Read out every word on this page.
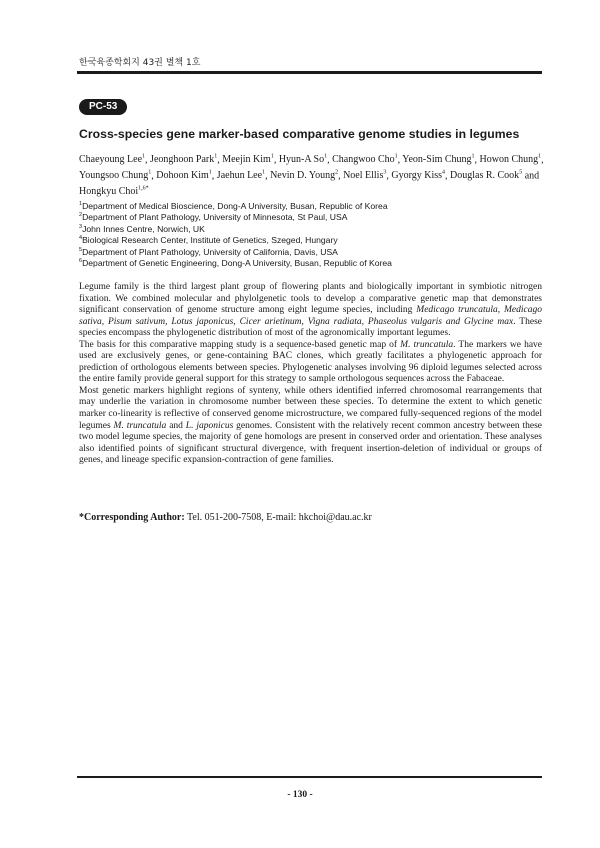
한국육종학회지 43권 별책 1호
PC-53
Cross-species gene marker-based comparative genome studies in legumes
Chaeyoung Lee$^1$, Jeonghoon Park$^1$, Meejin Kim$^1$, Hyun-A So$^1$, Changwoo Cho$^1$, Yeon-Sim Chung$^1$, Howon Chung$^1$, Youngsoo Chung$^1$, Dohoon Kim$^1$, Jaehun Lee$^1$, Nevin D. Young$^2$, Noel Ellis$^3$, Gyorgy Kiss$^4$, Douglas R. Cook$^5$ and Hongkyu Choi$^{1,6*}$
$^1$Department of Medical Bioscience, Dong-A University, Busan, Republic of Korea
$^2$Department of Plant Pathology, University of Minnesota, St Paul, USA
$^3$John Innes Centre, Norwich, UK
$^4$Biological Research Center, Institute of Genetics, Szeged, Hungary
$^5$Department of Plant Pathology, University of California, Davis, USA
$^6$Department of Genetic Engineering, Dong-A University, Busan, Republic of Korea

Legume family is the third largest plant group of flowering plants and biologically important in symbiotic nitrogen fixation. We combined molecular and phylolgenetic tools to develop a comparative genetic map that demonstrates significant conservation of genome structure among eight legume species, including Medicago truncatula, Medicago sativa, Pisum sativum, Lotus japonicus, Cicer arietinum, Vigna radiata, Phaseolus vulgaris and Glycine max. These species encompass the phylogenetic distribution of most of the agronomically important legumes.

The basis for this comparative mapping study is a sequence-based genetic map of M. truncatula. The markers we have used are exclusively genes, or gene-containing BAC clones, which greatly facilitates a phylogenetic approach for prediction of orthologous elements between species. Phylogenetic analyses involving 96 diploid legumes selected across the entire family provide general support for this strategy to sample orthologous sequences across the Fabaceae.

Most genetic markers highlight regions of synteny, while others identified inferred chromosomal rearrangements that may underlie the variation in chromosome number between these species. To determine the extent to which genetic marker co-linearity is reflective of conserved genome microstructure, we compared fully-sequenced regions of the model legumes M. truncatula and L. japonicus genomes. Consistent with the relatively recent common ancestry between these two model legume species, the majority of gene homologs are present in conserved order and orientation. These analyses also identified points of significant structural divergence, with frequent insertion-deletion of individual or groups of genes, and lineage specific expansion-contraction of gene families.

*Corresponding Author: Tel. 051-200-7508, E-mail: hkchoi@dau.ac.kr
- 130 -
